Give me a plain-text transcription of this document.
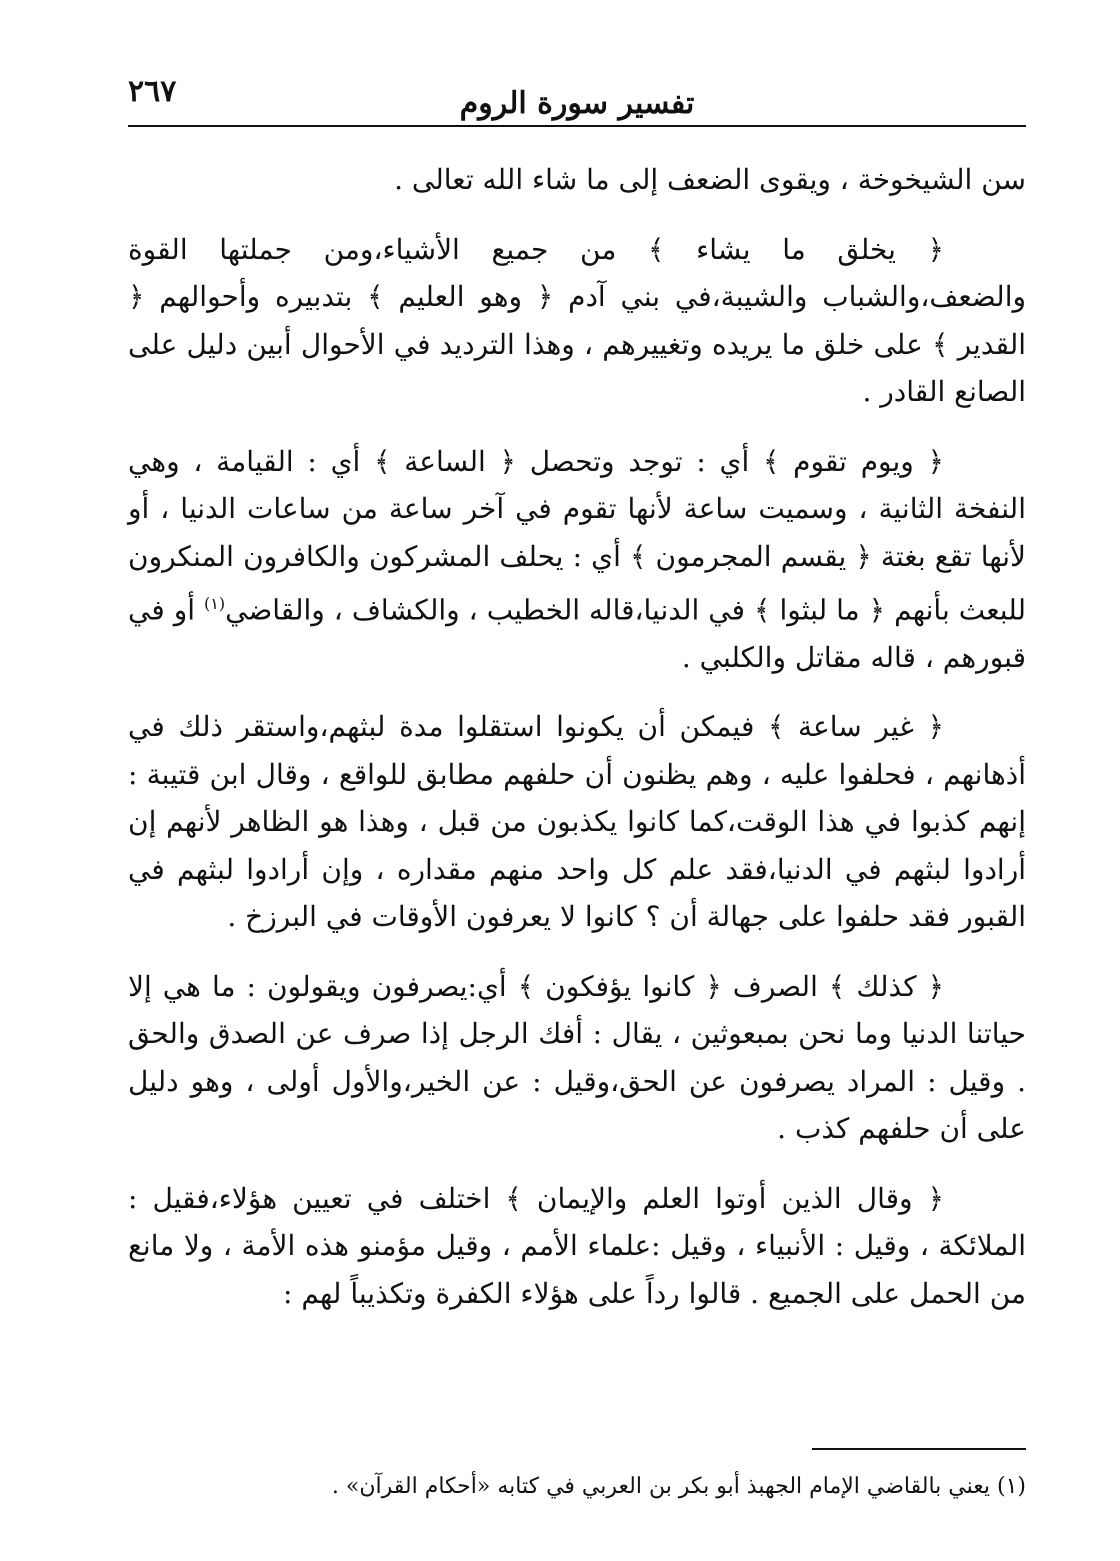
٢٦٧	تفسير سورة الروم

سن الشيخوخة ، ويقوى الضعف إلى ما شاء الله تعالى .

﴿ يخلق ما يشاء ﴾ من جميع الأشياء،ومن جملتها القوة والضعف،والشباب والشيبة،في بني آدم ﴿ وهو العليم ﴾ بتدبيره وأحوالهم ﴿ القدير ﴾ على خلق ما يريده وتغييرهم ، وهذا الترديد في الأحوال أبين دليل على الصانع القادر .

﴿ ويوم تقوم ﴾ أي : توجد وتحصل ﴿ الساعة ﴾ أي : القيامة ، وهي النفخة الثانية ، وسميت ساعة لأنها تقوم في آخر ساعة من ساعات الدنيا ، أو لأنها تقع بغتة ﴿ يقسم المجرمون ﴾ أي : يحلف المشركون والكافرون المنكرون للبعث بأنهم ﴿ ما لبثوا ﴾ في الدنيا،قاله الخطيب ، والكشاف ، والقاضي$^{(١)}$ أو في قبورهم ، قاله مقاتل والكلبي .

﴿ غير ساعة ﴾ فيمكن أن يكونوا استقلوا مدة لبثهم،واستقر ذلك في أذهانهم ، فحلفوا عليه ، وهم يظنون أن حلفهم مطابق للواقع ، وقال ابن قتيبة : إنهم كذبوا في هذا الوقت،كما كانوا يكذبون من قبل ، وهذا هو الظاهر لأنهم إن أرادوا لبثهم في الدنيا،فقد علم كل واحد منهم مقداره ، وإن أرادوا لبثهم في القبور فقد حلفوا على جهالة أن ؟ كانوا لا يعرفون الأوقات في البرزخ .

﴿ كذلك ﴾ الصرف ﴿ كانوا يؤفكون ﴾ أي:يصرفون ويقولون : ما هي إلا حياتنا الدنيا وما نحن بمبعوثين ، يقال : أفك الرجل إذا صرف عن الصدق والحق . وقيل : المراد يصرفون عن الحق،وقيل : عن الخير،والأول أولى ، وهو دليل على أن حلفهم كذب .

﴿ وقال الذين أوتوا العلم والإيمان ﴾ اختلف في تعيين هؤلاء،فقيل : الملائكة ، وقيل : الأنبياء ، وقيل :علماء الأمم ، وقيل مؤمنو هذه الأمة ، ولا مانع من الحمل على الجميع . قالوا رداً على هؤلاء الكفرة وتكذيباً لهم :

(١) يعني بالقاضي الإمام الجهبذ أبو بكر بن العربي في كتابه «أحكام القرآن» .
